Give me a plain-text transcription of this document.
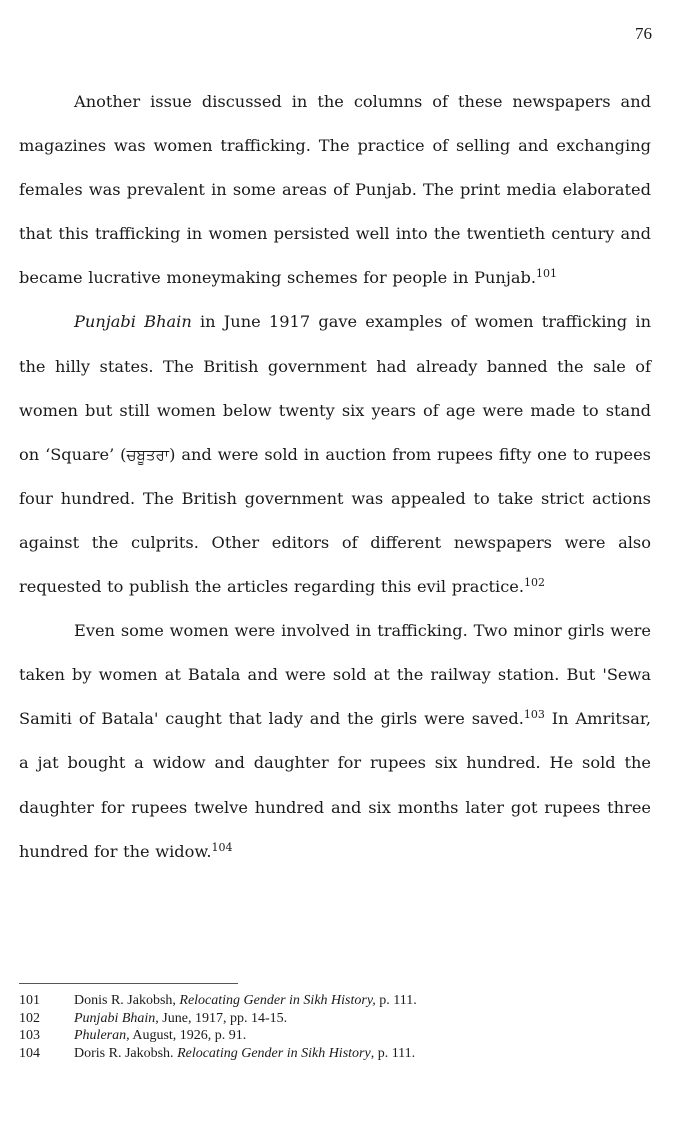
76

Another issue discussed in the columns of these newspapers and magazines was women trafficking. The practice of selling and exchanging females was prevalent in some areas of Punjab. The print media elaborated that this trafficking in women persisted well into the twentieth century and became lucrative moneymaking schemes for people in Punjab.$^{101}$

Punjabi Bhain in June 1917 gave examples of women trafficking in the hilly states. The British government had already banned the sale of women but still women below twenty six years of age were made to stand on ‘Square’ (ਚਬੂਤਰਾ) and were sold in auction from rupees fifty one to rupees four hundred. The British government was appealed to take strict actions against the culprits. Other editors of different newspapers were also requested to publish the articles regarding this evil practice.$^{102}$

Even some women were involved in trafficking. Two minor girls were taken by women at Batala and were sold at the railway station. But 'Sewa Samiti of Batala' caught that lady and the girls were saved.$^{103}$ In Amritsar, a jat bought a widow and daughter for rupees six hundred. He sold the daughter for rupees twelve hundred and six months later got rupees three hundred for the widow.$^{104}$

101	Donis R. Jakobsh, Relocating Gender in Sikh History, p. 111.
102	Punjabi Bhain, June, 1917, pp. 14-15.
103	Phuleran, August, 1926, p. 91.
104	Doris R. Jakobsh. Relocating Gender in Sikh History, p. 111.
